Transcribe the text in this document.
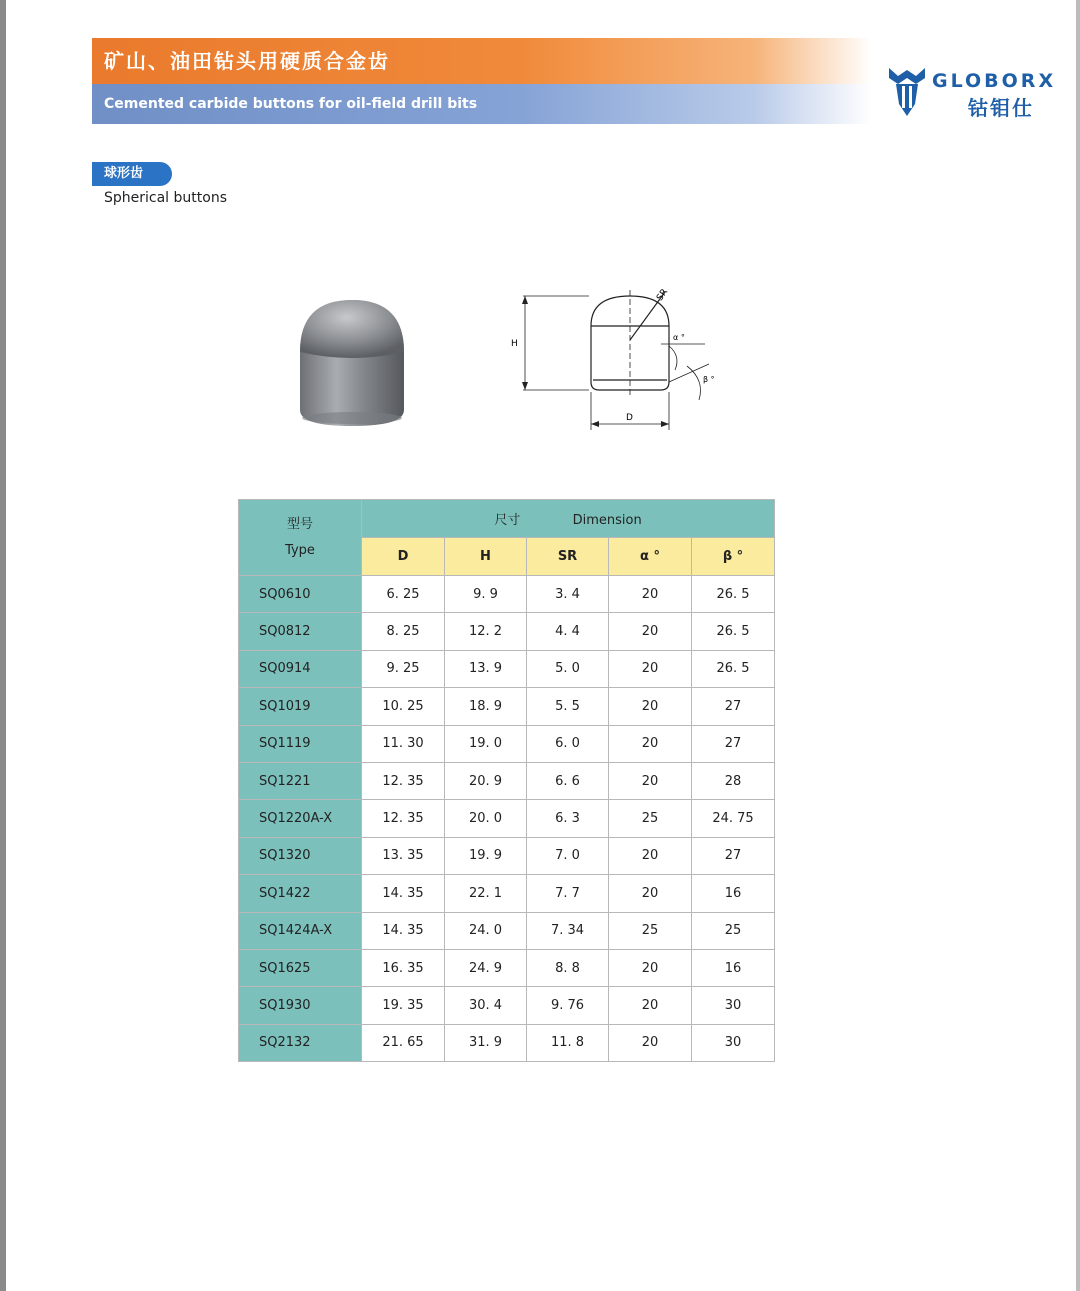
矿山、油田钻头用硬质合金齿
Cemented carbide buttons for oil-field drill bits
GLOBORX
钴钼仕
球形齿
Spherical buttons
SR
H
D
α °
β °
型号
Type	尺寸 Dimension				
	D	H	SR	α °	β °
SQ0610	6. 25	9. 9	3. 4	20	26. 5
SQ0812	8. 25	12. 2	4. 4	20	26. 5
SQ0914	9. 25	13. 9	5. 0	20	26. 5
SQ1019	10. 25	18. 9	5. 5	20	27
SQ1119	11. 30	19. 0	6. 0	20	27
SQ1221	12. 35	20. 9	6. 6	20	28
SQ1220A-X	12. 35	20. 0	6. 3	25	24. 75
SQ1320	13. 35	19. 9	7. 0	20	27
SQ1422	14. 35	22. 1	7. 7	20	16
SQ1424A-X	14. 35	24. 0	7. 34	25	25
SQ1625	16. 35	24. 9	8. 8	20	16
SQ1930	19. 35	30. 4	9. 76	20	30
SQ2132	21. 65	31. 9	11. 8	20	30
